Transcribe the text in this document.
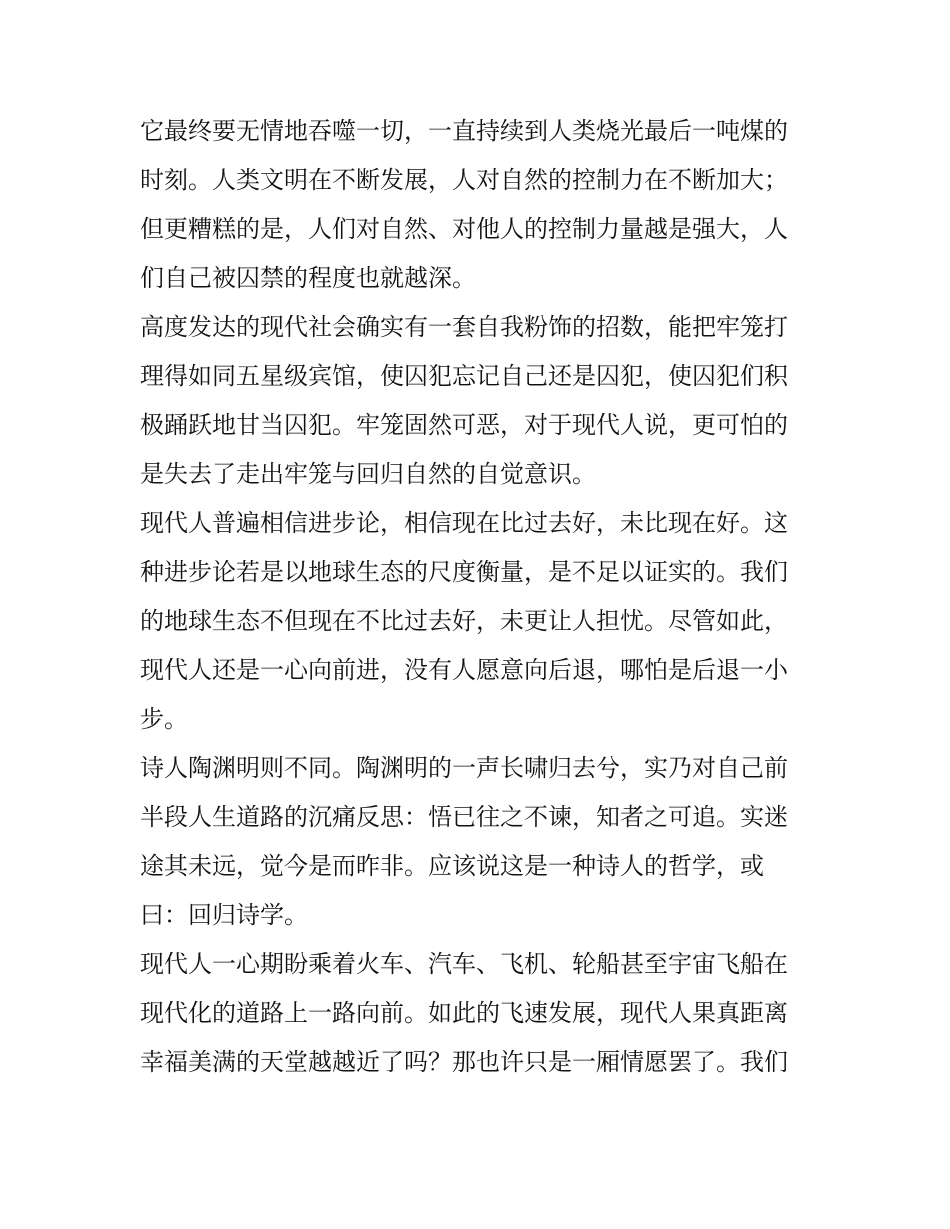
它最终要无情地吞噬一切，一直持续到人类烧光最后一吨煤的
时刻。人类文明在不断发展，人对自然的控制力在不断加大；
但更糟糕的是，人们对自然、对他人的控制力量越是强大，人
们自己被囚禁的程度也就越深。

高度发达的现代社会确实有一套自我粉饰的招数，能把牢笼打
理得如同五星级宾馆，使囚犯忘记自己还是囚犯，使囚犯们积
极踊跃地甘当囚犯。牢笼固然可恶，对于现代人说，更可怕的
是失去了走出牢笼与回归自然的自觉意识。

现代人普遍相信进步论，相信现在比过去好，未比现在好。这
种进步论若是以地球生态的尺度衡量，是不足以证实的。我们
的地球生态不但现在不比过去好，未更让人担忧。尽管如此，
现代人还是一心向前进，没有人愿意向后退，哪怕是后退一小
步。

诗人陶渊明则不同。陶渊明的一声长啸归去兮，实乃对自己前
半段人生道路的沉痛反思：悟已往之不谏，知者之可追。实迷
途其未远，觉今是而昨非。应该说这是一种诗人的哲学，或
曰：回归诗学。

现代人一心期盼乘着火车、汽车、飞机、轮船甚至宇宙飞船在
现代化的道路上一路向前。如此的飞速发展，现代人果真距离
幸福美满的天堂越越近了吗？那也许只是一厢情愿罢了。我们
